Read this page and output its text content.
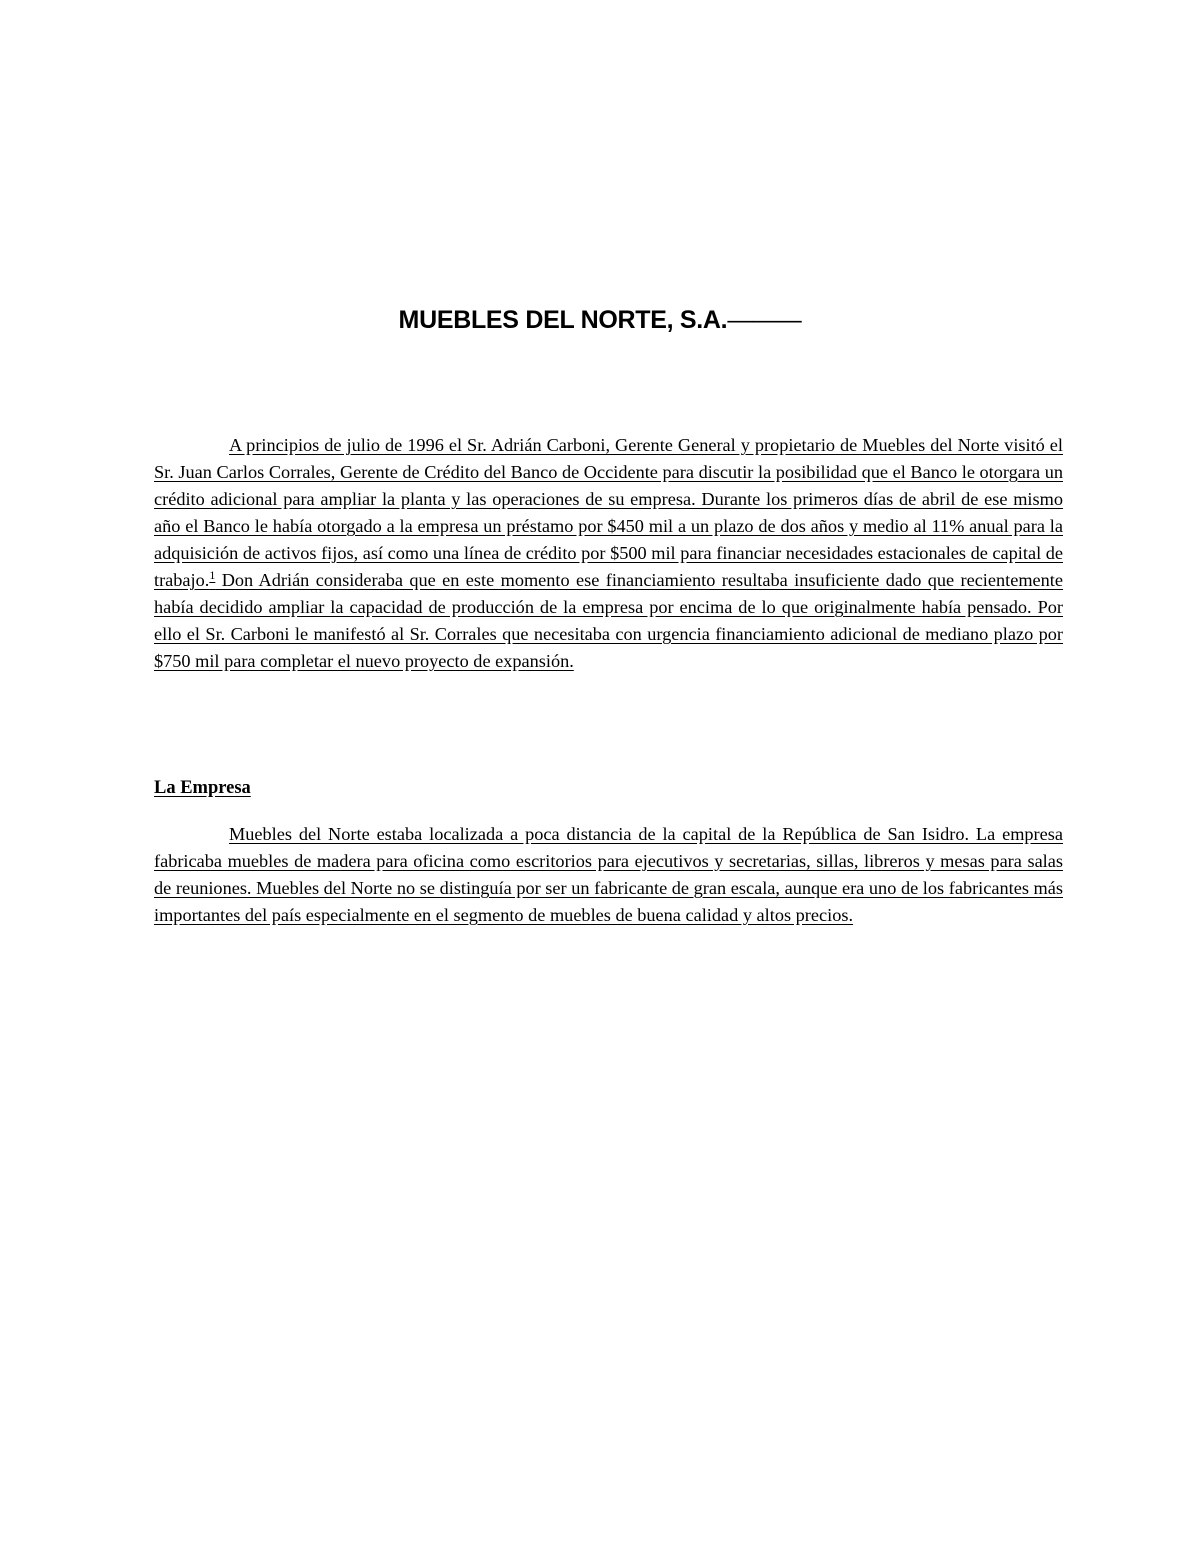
MUEBLES DEL NORTE, S.A.———

A principios de julio de 1996 el Sr. Adrián Carboni, Gerente General y propietario de Muebles del Norte visitó el Sr. Juan Carlos Corrales, Gerente de Crédito del Banco de Occidente para discutir la posibilidad que el Banco le otorgara un crédito adicional para ampliar la planta y las operaciones de su empresa. Durante los primeros días de abril de ese mismo año el Banco le había otorgado a la empresa un préstamo por $450 mil a un plazo de dos años y medio al 11% anual para la adquisición de activos fijos, así como una línea de crédito por $500 mil para financiar necesidades estacionales de capital de trabajo.$^1$ Don Adrián consideraba que en este momento ese financiamiento resultaba insuficiente dado que recientemente había decidido ampliar la capacidad de producción de la empresa por encima de lo que originalmente había pensado. Por ello el Sr. Carboni le manifestó al Sr. Corrales que necesitaba con urgencia financiamiento adicional de mediano plazo por $750 mil para completar el nuevo proyecto de expansión.

La Empresa

Muebles del Norte estaba localizada a poca distancia de la capital de la República de San Isidro. La empresa fabricaba muebles de madera para oficina como escritorios para ejecutivos y secretarias, sillas, libreros y mesas para salas de reuniones. Muebles del Norte no se distinguía por ser un fabricante de gran escala, aunque era uno de los fabricantes más importantes del país especialmente en el segmento de muebles de buena calidad y altos precios.
